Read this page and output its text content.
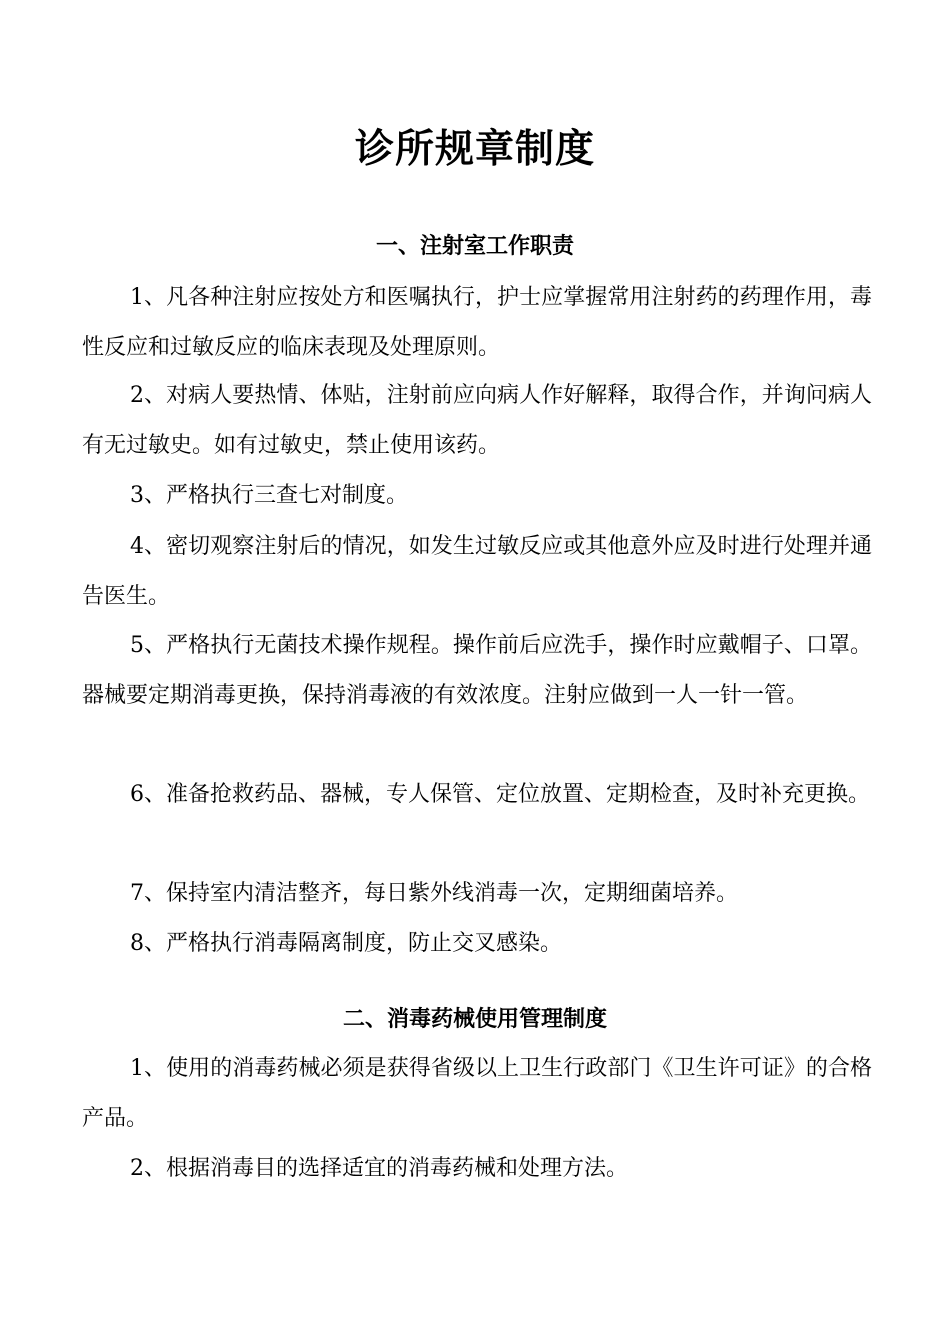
诊所规章制度
一、注射室工作职责

1、凡各种注射应按处方和医嘱执行，护士应掌握常用注射药的药理作用，毒性反应和过敏反应的临床表现及处理原则。

2、对病人要热情、体贴，注射前应向病人作好解释，取得合作，并询问病人有无过敏史。如有过敏史，禁止使用该药。

3、严格执行三查七对制度。

4、密切观察注射后的情况，如发生过敏反应或其他意外应及时进行处理并通告医生。

5、严格执行无菌技术操作规程。操作前后应洗手，操作时应戴帽子、口罩。器械要定期消毒更换，保持消毒液的有效浓度。注射应做到一人一针一管。

6、准备抢救药品、器械，专人保管、定位放置、定期检查，及时补充更换。

7、保持室内清洁整齐，每日紫外线消毒一次，定期细菌培养。

8、严格执行消毒隔离制度，防止交叉感染。

二、消毒药械使用管理制度

1、使用的消毒药械必须是获得省级以上卫生行政部门《卫生许可证》的合格产品。

2、根据消毒目的选择适宜的消毒药械和处理方法。
